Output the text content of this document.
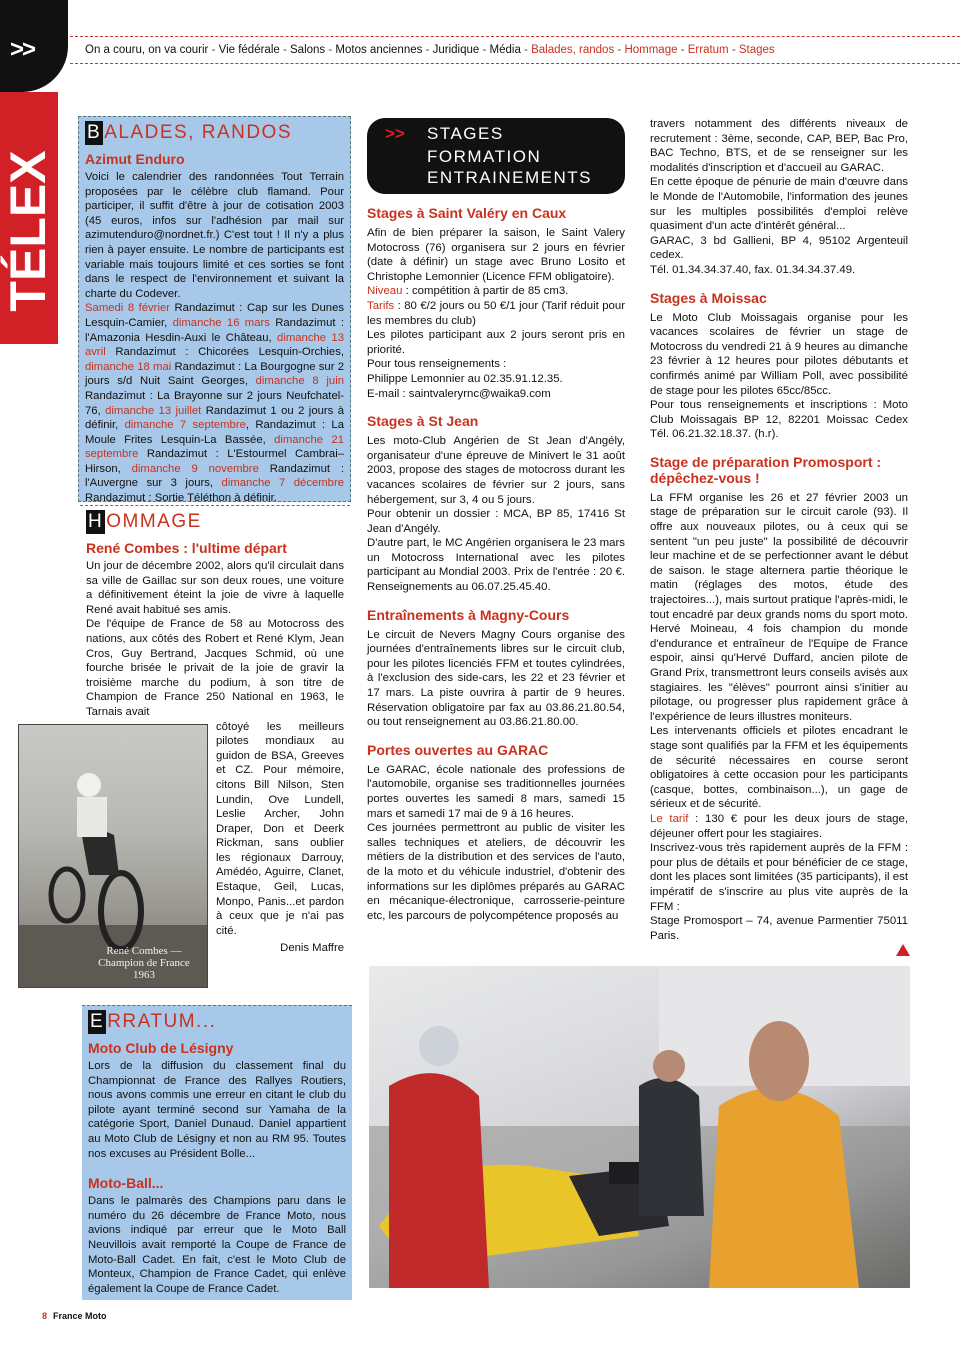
>>
TÉLEX
On a couru, on va courir - Vie fédérale - Salons - Motos anciennes - Juridique - Média - Balades, randos - Hommage - Erratum - Stages
B ALADES, RANDOS
Azimut Enduro

Voici le calendrier des randonnées Tout Terrain proposées par le célèbre club flamand. Pour participer, il suffit d'être à jour de cotisation 2003 (45 euros, infos sur l'adhésion par mail sur azimutenduro@nordnet.fr.) C'est tout ! Il n'y a plus rien à payer ensuite. Le nombre de participants est variable mais toujours limité et ces sorties se font dans le respect de l'environnement et suivant la charte du Codever.
Samedi 8 février Randazimut : Cap sur les Dunes Lesquin-Camier, dimanche 16 mars Randazimut : l'Amazonia Hesdin-Auxi le Château, dimanche 13 avril Randazimut : Chicorées Lesquin-Orchies, dimanche 18 mai Randazimut : La Bourgogne sur 2 jours s/d Nuit Saint Georges, dimanche 8 juin Randazimut : La Brayonne sur 2 jours Neufchatel-76, dimanche 13 juillet Randazimut 1 ou 2 jours à définir, dimanche 7 septembre, Randazimut : La Moule Frites Lesquin-La Bassée, dimanche 21 septembre Randazimut : L'Estourmel Cambrai–Hirson, dimanche 9 novembre Randazimut : l'Auvergne sur 3 jours, dimanche 7 décembre Randazimut : Sortie Téléthon à définir.

H OMMAGE
René Combes : l'ultime départ

Un jour de décembre 2002, alors qu'il circulait dans sa ville de Gaillac sur son deux roues, une voiture a définitivement éteint la joie de vivre à laquelle René avait habitué ses amis.

De l'équipe de France de 58 au Motocross des nations, aux côtés des Robert et René Klym, Jean Cros, Guy Bertrand, Jacques Schmid, où une fourche brisée le privait de la joie de gravir la troisième marche du podium, à son titre de Champion de France 250 National en 1963, le Tarnais avait

côtoyé les meilleurs pilotes mondiaux au guidon de BSA, Greeves et CZ. Pour mémoire, citons Bill Nilson, Sten Lundin, Ove Lundell, Leslie Archer, John Draper, Don et Deerk Rickman, sans oublier les régionaux Darrouy, Amédéo, Aguirre, Clanet, Estaque, Geil, Lucas, Monpo, Panis...et pardon à ceux que je n'ai pas cité.

Denis Maffre

René Combes — Champion de France 1963
E RRATUM...
Moto Club de Lésigny

Lors de la diffusion du classement final du Championnat de France des Rallyes Routiers, nous avons commis une erreur en citant le club du pilote ayant terminé second sur Yamaha de la catégorie Sport, Daniel Dunaud. Daniel appartient au Moto Club de Lésigny et non au RM 95. Toutes nos excuses au Président Bolle...

Moto-Ball...

Dans le palmarès des Champions paru dans le numéro du 26 décembre de France Moto, nous avions indiqué par erreur que le Moto Ball Neuvillois avait remporté la Coupe de France de Moto-Ball Cadet. En fait, c'est le Moto Club de Monteux, Champion de France Cadet, qui enlève également la Coupe de France Cadet.

>> STAGES
FORMATION
ENTRAINEMENTS
Stages à Saint Valéry en Caux

Afin de bien préparer la saison, le Saint Valery Motocross (76) organisera sur 2 jours en février (date à définir) un stage avec Bruno Losito et Christophe Lemonnier (Licence FFM obligatoire).

Niveau : compétition à partir de 85 cm3.

Tarifs : 80 €/2 jours ou 50 €/1 jour (Tarif réduit pour les membres du club)

Les pilotes participant aux 2 jours seront pris en priorité.

Pour tous renseignements :

Philippe Lemonnier au 02.35.91.12.35.

E-mail : saintvaleryrnc@waika9.com

Stages à St Jean

Les moto-Club Angérien de St Jean d'Angély, organisateur d'une épreuve de Minivert le 31 août 2003, propose des stages de motocross durant les vacances scolaires de février sur 2 jours, sans hébergement, sur 3, 4 ou 5 jours.

Pour obtenir un dossier : MCA, BP 85, 17416 St Jean d'Angély.

D'autre part, le MC Angérien organisera le 23 mars un Motocross International avec les pilotes participant au Mondial 2003. Prix de l'entrée : 20 €. Renseignements au 06.07.25.45.40.

Entraînements à Magny-Cours

Le circuit de Nevers Magny Cours organise des journées d'entraînements libres sur le circuit club, pour les pilotes licenciés FFM et toutes cylindrées, à l'exclusion des side-cars, les 22 et 23 février et 17 mars. La piste ouvrira à partir de 9 heures. Réservation obligatoire par fax au 03.86.21.80.54, ou tout renseignement au 03.86.21.80.00.

Portes ouvertes au GARAC

Le GARAC, école nationale des professions de l'automobile, organise ses traditionnelles journées portes ouvertes les samedi 8 mars, samedi 15 mars et samedi 17 mai de 9 à 16 heures.

Ces journées permettront au public de visiter les salles techniques et ateliers, de découvrir les métiers de la distribution et des services de l'auto, de la moto et du véhicule industriel, d'obtenir des informations sur les diplômes préparés au GARAC en mécanique-électronique, carrosserie-peinture etc, les parcours de polycompétence proposés au

travers notamment des différents niveaux de recrutement : 3ème, seconde, CAP, BEP, Bac Pro, BAC Techno, BTS, et de se renseigner sur les modalités d'inscription et d'accueil au GARAC.

En cette époque de pénurie de main d'œuvre dans le Monde de l'Automobile, l'information des jeunes sur les multiples possibilités d'emploi relève quasiment d'un acte d'intérêt général...

GARAC, 3 bd Gallieni, BP 4, 95102 Argenteuil cedex.

Tél. 01.34.34.37.40, fax. 01.34.34.37.49.

Stages à Moissac

Le Moto Club Moissagais organise pour les vacances scolaires de février un stage de Motocross du vendredi 21 à 9 heures au dimanche 23 février à 12 heures pour pilotes débutants et confirmés animé par William Poll, avec possibilité de stage pour les pilotes 65cc/85cc.

Pour tous renseignements et inscriptions : Moto Club Moissagais BP 12, 82201 Moissac Cedex Tél. 06.21.32.18.37. (h.r).

Stage de préparation Promosport : dépêchez-vous !

La FFM organise les 26 et 27 février 2003 un stage de préparation sur le circuit carole (93). Il offre aux nouveaux pilotes, ou à ceux qui se sentent "un peu juste" la possibilité de découvrir leur machine et de se perfectionner avant le début de saison. le stage alternera partie théorique le matin (réglages des motos, étude des trajectoires...), mais surtout pratique l'après-midi, le tout encadré par deux grands noms du sport moto. Hervé Moineau, 4 fois champion du monde d'endurance et entraîneur de l'Equipe de France espoir, ainsi qu'Hervé Duffard, ancien pilote de Grand Prix, transmettront leurs conseils avisés aux stagiaires. les "élèves" pourront ainsi s'initier au pilotage, ou progresser plus rapidement grâce à l'expérience de leurs illustres moniteurs.

Les intervenants officiels et pilotes encadrant le stage sont qualifiés par la FFM et les équipements de sécurité nécessaires en course seront obligatoires à cette occasion pour les participants (casque, bottes, combinaison...), un gage de sérieux et de sécurité.

Le tarif : 130 € pour les deux jours de stage, déjeuner offert pour les stagiaires.

Inscrivez-vous très rapidement auprès de la FFM : pour plus de détails et pour bénéficier de ce stage, dont les places sont limitées (35 participants), il est impératif de s'inscrire au plus vite auprès de la FFM :

Stage Promosport – 74, avenue Parmentier 75011 Paris.

8 France Moto
